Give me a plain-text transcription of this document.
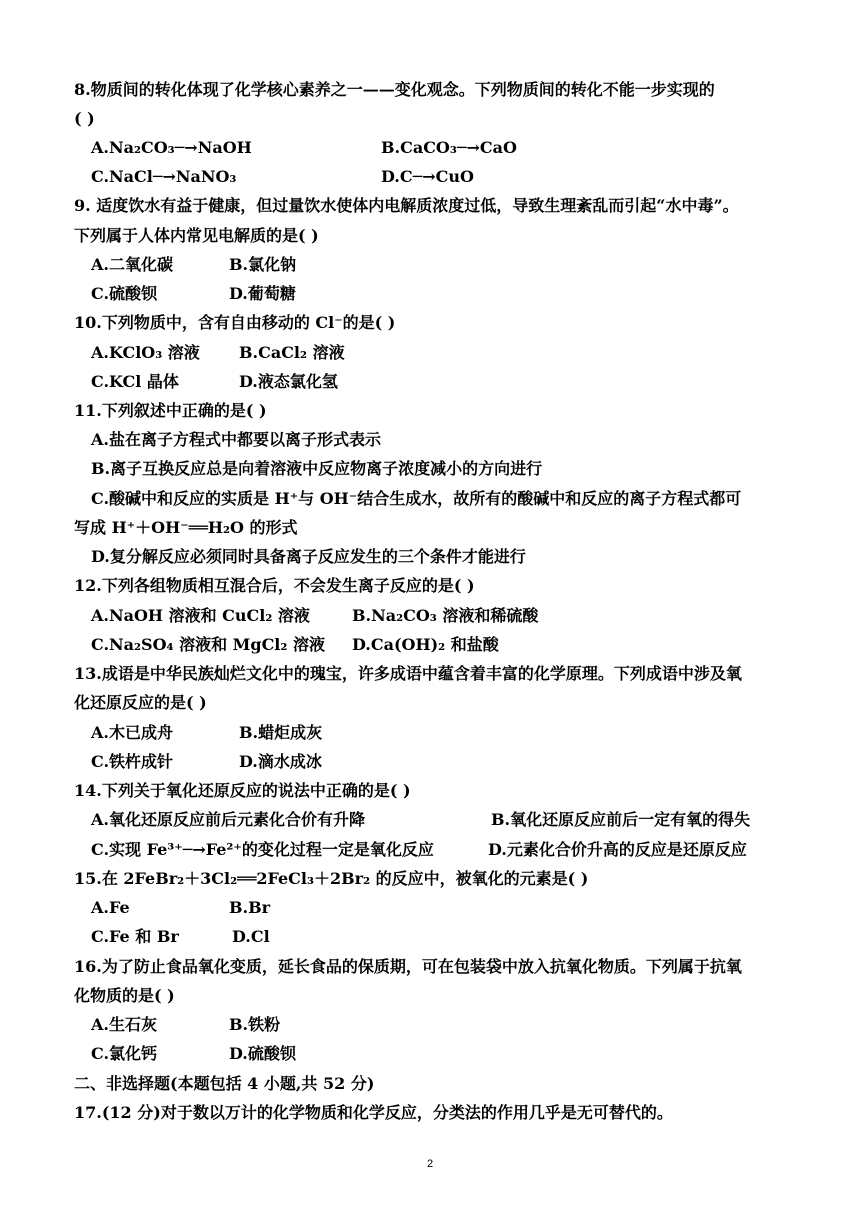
8.物质间的转化体现了化学核心素养之一——变化观念。下列物质间的转化不能一步实现的
( )
A.Na₂CO₃─→NaOH	B.CaCO₃─→CaO
C.NaCl─→NaNO₃	D.C─→CuO
9. 适度饮水有益于健康，但过量饮水使体内电解质浓度过低，导致生理紊乱而引起“水中毒”。
下列属于人体内常见电解质的是( )
A.二氧化碳	B.氯化钠
C.硫酸钡	D.葡萄糖
10.下列物质中，含有自由移动的 Cl⁻的是( )
A.KClO₃ 溶液 B.CaCl₂ 溶液
C.KCl 晶体	D.液态氯化氢
11.下列叙述中正确的是( )
A.盐在离子方程式中都要以离子形式表示
B.离子互换反应总是向着溶液中反应物离子浓度减小的方向进行
C.酸碱中和反应的实质是 H⁺与 OH⁻结合生成水，故所有的酸碱中和反应的离子方程式都可
写成 H⁺＋OH⁻══H₂O 的形式
D.复分解反应必须同时具备离子反应发生的三个条件才能进行
12.下列各组物质相互混合后，不会发生离子反应的是( )
A.NaOH 溶液和 CuCl₂ 溶液	B.Na₂CO₃ 溶液和稀硫酸
C.Na₂SO₄ 溶液和 MgCl₂ 溶液 D.Ca(OH)₂ 和盐酸
13.成语是中华民族灿烂文化中的瑰宝，许多成语中蕴含着丰富的化学原理。下列成语中涉及氧
化还原反应的是( )
A.木已成舟	B.蜡炬成灰
C.铁杵成针	D.滴水成冰
14.下列关于氧化还原反应的说法中正确的是( )
A.氧化还原反应前后元素化合价有升降	B.氧化还原反应前后一定有氧的得失
C.实现 Fe³⁺─→Fe²⁺的变化过程一定是氧化反应	D.元素化合价升高的反应是还原反应
15.在 2FeBr₂＋3Cl₂══2FeCl₃＋2Br₂ 的反应中，被氧化的元素是( )
A.Fe	B.Br
C.Fe 和 Br	D.Cl
16.为了防止食品氧化变质，延长食品的保质期，可在包装袋中放入抗氧化物质。下列属于抗氧
化物质的是( )
A.生石灰	B.铁粉
C.氯化钙	D.硫酸钡
二、非选择题(本题包括 4 小题,共 52 分)
17.(12 分)对于数以万计的化学物质和化学反应，分类法的作用几乎是无可替代的。
2
